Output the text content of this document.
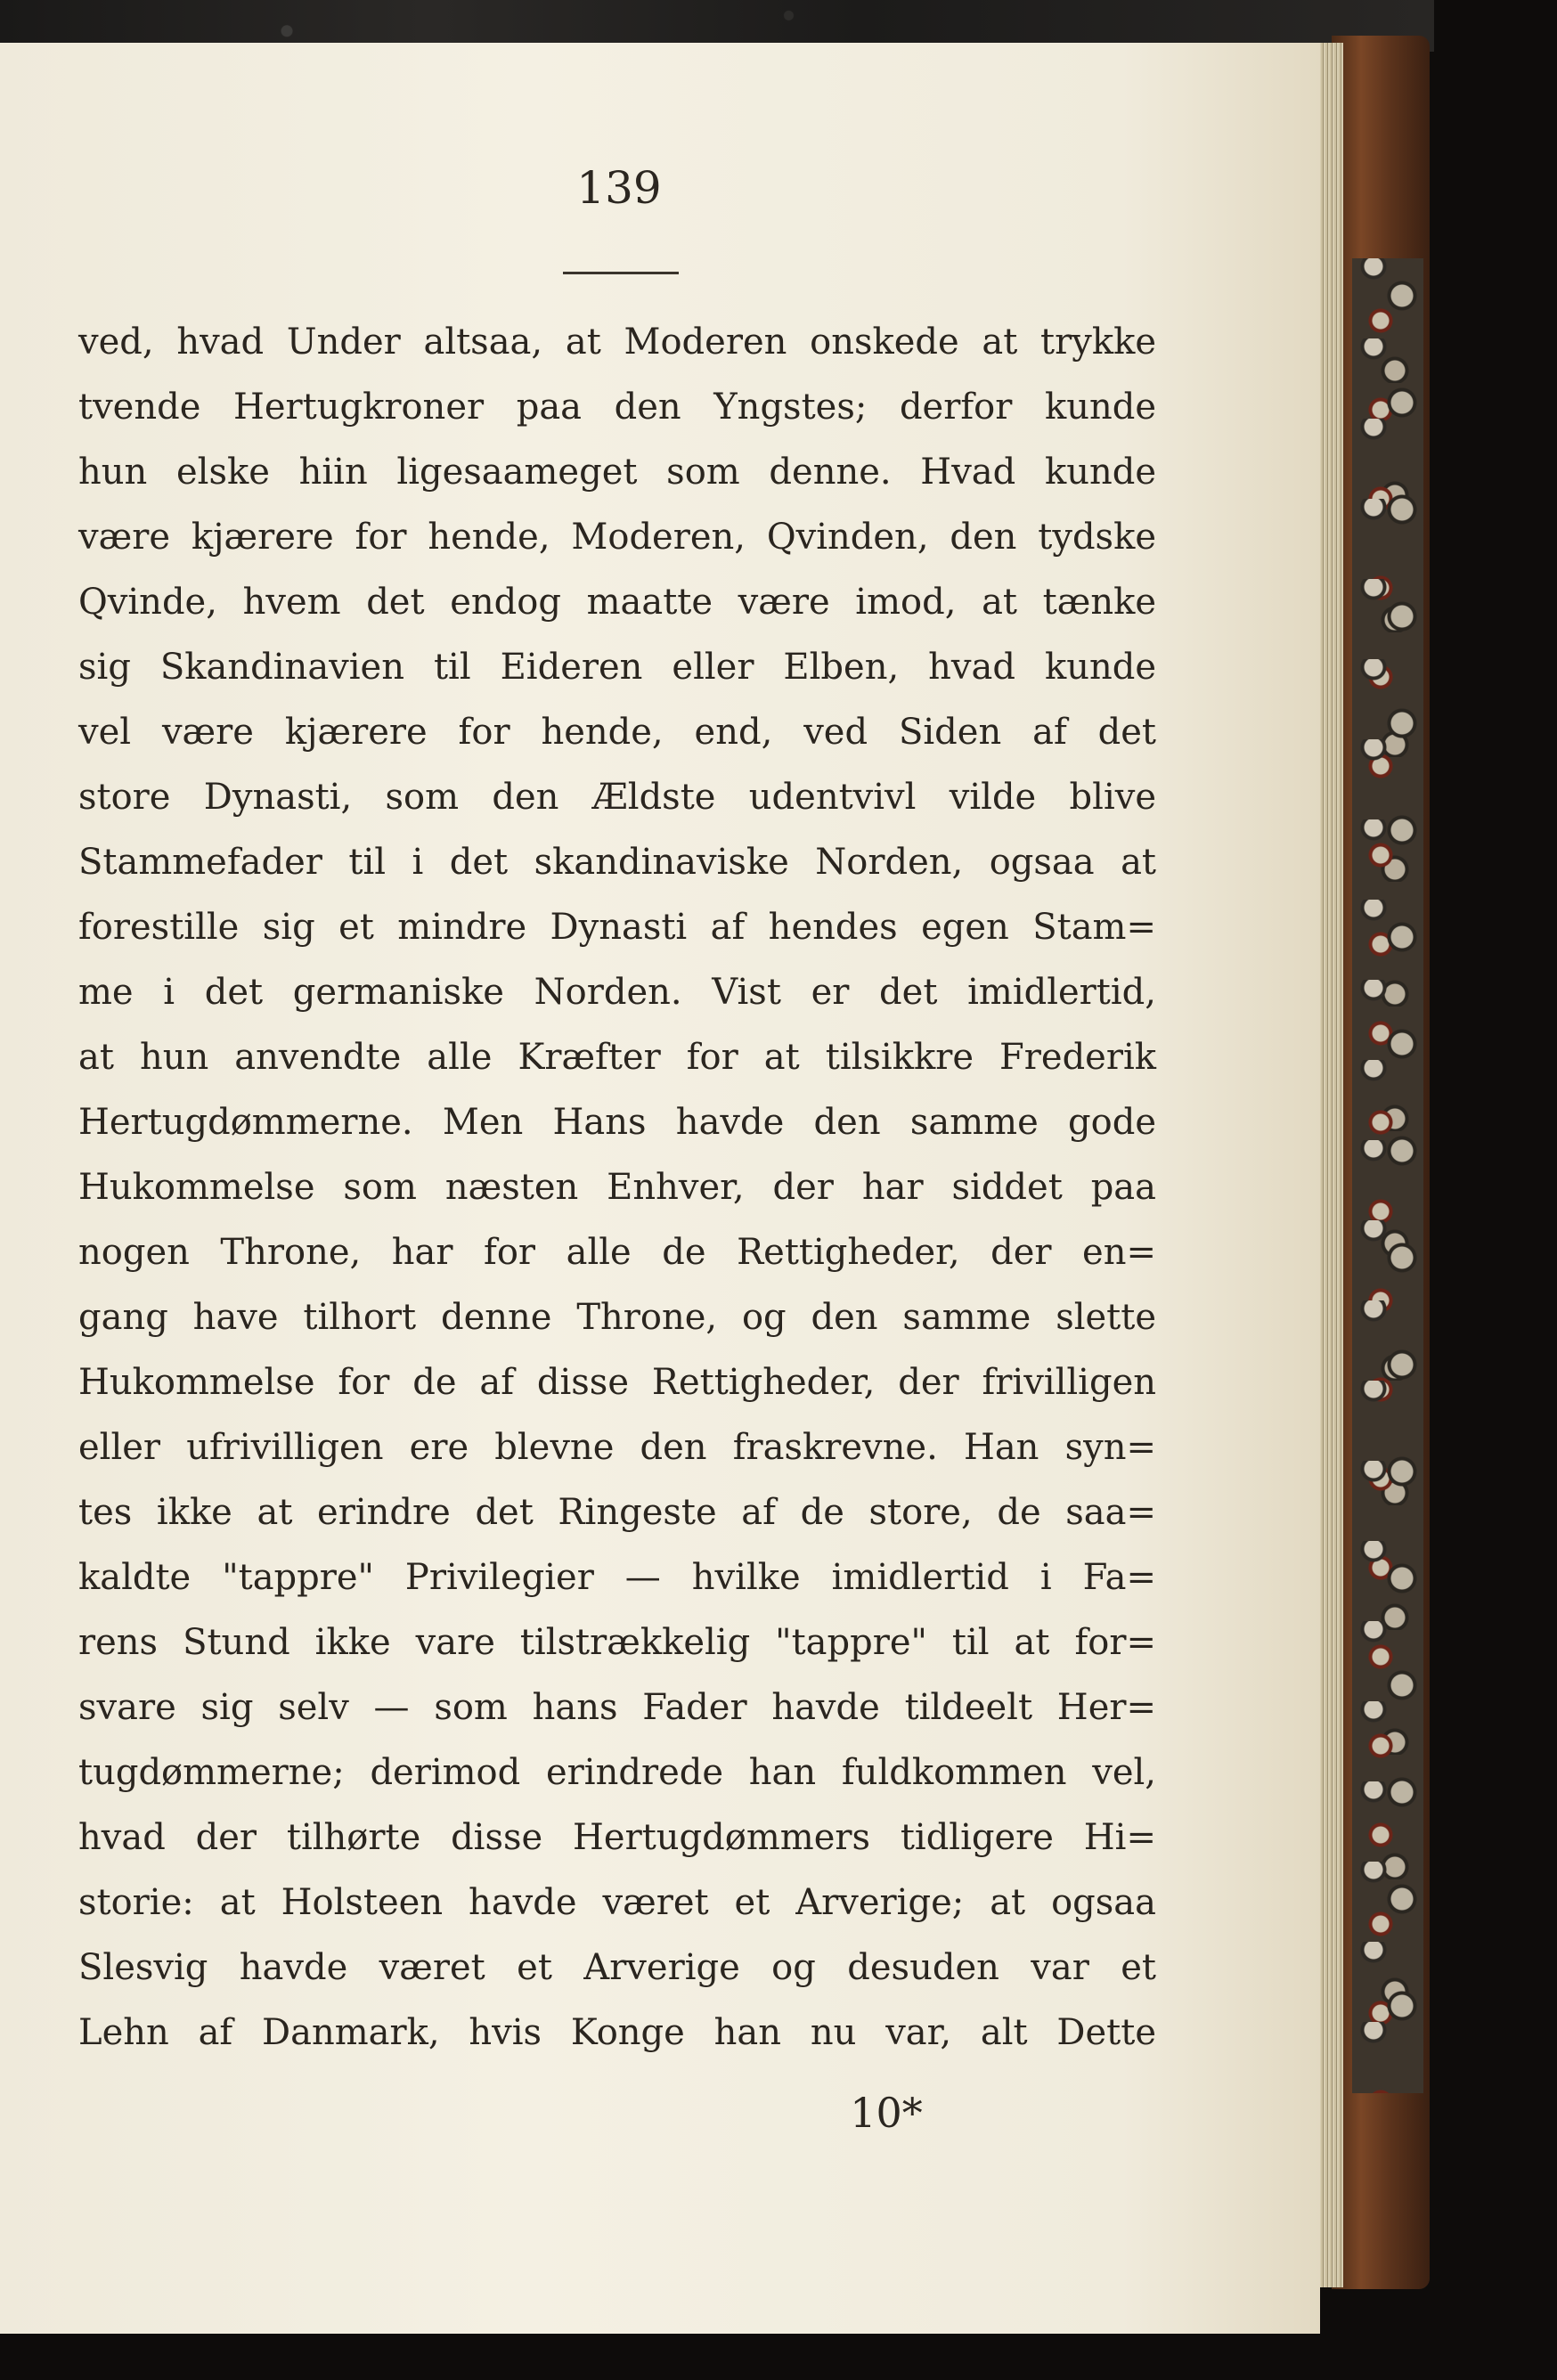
139
ved, hvad Under altsaa, at Moderen onskede at trykke
tvende Hertugkroner paa den Yngstes; derfor kunde
hun elske hiin ligesaameget som denne. Hvad kunde
være kjærere for hende, Moderen, Qvinden, den tydske
Qvinde, hvem det endog maatte være imod, at tænke
sig Skandinavien til Eideren eller Elben, hvad kunde
vel være kjærere for hende, end, ved Siden af det
store Dynasti, som den Ældste udentvivl vilde blive
Stammefader til i det skandinaviske Norden, ogsaa at
forestille sig et mindre Dynasti af hendes egen Stam=
me i det germaniske Norden. Vist er det imidlertid,
at hun anvendte alle Kræfter for at tilsikkre Frederik
Hertugdømmerne. Men Hans havde den samme gode
Hukommelse som næsten Enhver, der har siddet paa
nogen Throne, har for alle de Rettigheder, der en=
gang have tilhort denne Throne, og den samme slette
Hukommelse for de af disse Rettigheder, der frivilligen
eller ufrivilligen ere blevne den fraskrevne. Han syn=
tes ikke at erindre det Ringeste af de store, de saa=
kaldte "tappre" Privilegier — hvilke imidlertid i Fa=
rens Stund ikke vare tilstrækkelig "tappre" til at for=
svare sig selv — som hans Fader havde tildeelt Her=
tugdømmerne; derimod erindrede han fuldkommen vel,
hvad der tilhørte disse Hertugdømmers tidligere Hi=
storie: at Holsteen havde været et Arverige; at ogsaa
Slesvig havde været et Arverige og desuden var et
Lehn af Danmark, hvis Konge han nu var, alt Dette
10*
